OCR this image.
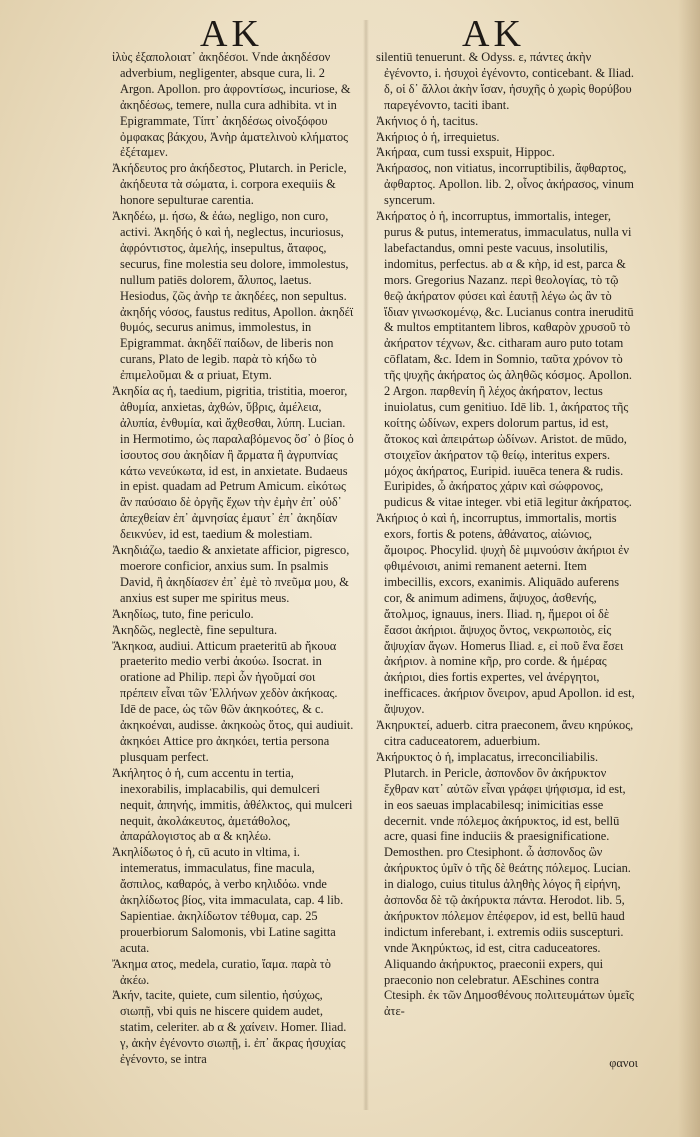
AK	AK
ἰλὺς ἐξαπολοιατ᾽ ἀκηδέσοι. Vnde ἀκηδέσον adverbium, negligenter, absque cura, li. 2 Argon. Apollon. pro ἀφροντίσως, incuriose, & ἀκηδέσως, temere, nulla cura adhibita. vt in Epigrammate, Τίπτ᾽ ἀκηδέσως οἰνοξόφου ὀμφακας βάκχου, Ἀνὴρ ἀματελινοὺ κλήματος ἐξέταμεν.
Ἀκήδευτος pro ἀκήδεστος, Plutarch. in Pericle, ἀκήδευτα τὰ σώματα, i. corpora exequiis & honore sepulturae carentia.
Ἀκηδέω, μ. ήσω, & ἐάω, negligo, non curo, activi. Ἀκηδής ὁ καὶ ἡ, neglectus, incuriosus, ἀφρόντιστος, ἀμελής, insepultus, ἄταφος, securus, fine molestia seu dolore, immolestus, nullum patiēs dolorem, ἄλυπος, laetus. Hesiodus, ζῶς ἀνὴρ τε ἀκηδέες, non sepultus. ἀκηδής νόσος, faustus reditus, Apollon. ἀκηδέϊ θυμός, securus animus, immolestus, in Epigrammat. ἀκηδέϊ παίδων, de liberis non curans, Plato de legib. παρὰ τὸ κήδω τὸ ἐπιμελοῦμαι & α priuat, Etym.
Ἀκηδία ας ἡ, taedium, pigritia, tristitia, moeror, ἀθυμία, anxietas, ἀχθών, ὕβρις, ἀμέλεια, ἀλυπία, ἐνθυμία, καὶ ἄχθεσθαι, λύπη. Lucian. in Hermotimo, ὡς παραλαβόμενος ὅσ᾽ ὁ βίος ὁ ἰσουτος σου ἀκηδίαν ἢ ἄρματα ἢ ἀγρυπνίας κάτω νενεύκωτα, id est, in anxietate. Budaeus in epist. quadam ad Petrum Amicum. εἰκότως ἂν παύσαιο δὲ ὀργῆς ἔχων τὴν ἐμὴν ἐπ᾽ οὐδ᾽ ἀπεχθείαν ἐπ᾽ ἀμνησίας ἐμαυτ᾽ ἐπ᾽ ἀκηδίαν δεικνύεν, id est, taedium & molestiam.
Ἀκηδιάζω, taedio & anxietate afficior, pigresco, moerore conficior, anxius sum. In psalmis David, ἢ ἀκηδίασεν ἐπ᾽ ἐμὲ τὸ πνεῦμα μου, & anxius est super me spiritus meus.
Ἀκηδίως, tuto, fine periculo.
Ἀκηδῶς, neglectè, fine sepultura.
Ἄκηκοα, audiui. Atticum praeteritū ab ἤκουα praeterito medio verbi ἀκούω. Isocrat. in oratione ad Philip. περὶ ὧν ἡγοῦμαί σοι πρέπειν εἶναι τῶν Ἑλλήνων χεδὸν ἀκήκοας. Idē de pace, ὡς τῶν θῶν ἀκηκοότες, & c. ἀκηκοέναι, audisse. ἀκηκοὼς ὅτος, qui audiuit. ἀκηκόει Attice pro ἀκηκόει, tertia persona plusquam perfect.
Ἀκήλητος ὁ ἡ, cum accentu in tertia, inexorabilis, implacabilis, qui demulceri nequit, ἀπηνής, immitis, ἀθέλκτος, qui mulceri nequit, ἀκολάκευτος, ἀμετάθολος, ἀπαράλογιστος ab α & κηλέω.
Ἀκηλίδωτος ὁ ἡ, cū acuto in vltima, i. intemeratus, immaculatus, fine macula, ἄσπιλος, καθαρός, à verbo κηλιδόω. vnde ἀκηλίδωτος βίος, vita immaculata, cap. 4 lib. Sapientiae. ἀκηλίδωτον τέθυμα, cap. 25 prouerbiorum Salomonis, vbi Latine sagitta acuta.
Ἄκημα ατος, medela, curatio, ἴαμα. παρὰ τὸ ἀκέω.
Ἀκήν, tacite, quiete, cum silentio, ἡσύχως, σιωπῇ, vbi quis ne hiscere quidem audet, statim, celeriter. ab α & χαίνειν. Homer. Iliad. γ, ἀκὴν ἐγένοντο σιωπῇ, i. ἐπ᾽ ἄκρας ἡσυχίας ἐγένοντο, se intra
silentiū tenuerunt. & Odyss. ε, πάντες ἀκὴν ἐγένοντο, i. ἡσυχοὶ ἐγένοντο, conticebant. & Iliad. δ, οἱ δ᾽ ἄλλοι ἀκὴν ἴσαν, ἡσυχῆς ὁ χωρὶς θορύβου παρεγένοντο, taciti ibant.
Ἀκήνιος ὁ ἡ, tacitus.
Ἀκήριος ὁ ἡ, irrequietus.
Ἀκήραα, cum tussi exspuit, Hippoc.
Ἀκήρασος, non vitiatus, incorruptibilis, ἄφθαρτος, ἀφθαρτος. Apollon. lib. 2, οἶνος ἀκήρασος, vinum syncerum.
Ἀκήρατος ὁ ἡ, incorruptus, immortalis, integer, purus & putus, intemeratus, immaculatus, nulla vi labefactandus, omni peste vacuus, insolutilis, indomitus, perfectus. ab α & κὴρ, id est, parca & mors. Gregorius Nazanz. περὶ θεολογίας, τὸ τῷ θεῷ ἀκήρατον φύσει καὶ ἑαυτῇ λέγω ὡς ἂν τὸ ἴδιαν γινωσκομένῳ, &c. Lucianus contra ineruditū & multos emptitantem libros, καθαρὸν χρυσοῦ τὸ ἀκήρατον τέχνων, &c. citharam auro puto totam cōflatam, &c. Idem in Somnio, ταῦτα χρόνον τὸ τῆς ψυχῆς ἀκήρατος ὡς ἀληθῶς κόσμος. Apollon. 2 Argon. παρθενίη ἢ λέχος ἀκήρατον, lectus inuiolatus, cum genitiuo. Idē lib. 1, ἀκήρατος τῆς κοίτης ὠδίνων, expers dolorum partus, id est, ἄτοκος καὶ ἀπειράτωρ ὠδίνων. Aristot. de mūdo, στοιχεῖον ἀκήρατον τῷ θείῳ, interitus expers. μόχος ἀκήρατος, Euripid. iuuēca tenera & rudis. Euripides, ὦ ἀκήρατος χάριν καὶ σώφρονος, pudicus & vitae integer. vbi etiā legitur ἀκήρατος.
Ἀκήριος ὁ καὶ ἡ, incorruptus, immortalis, mortis exors, fortis & potens, ἀθάνατος, αἰώνιος, ἄμοιρος. Phocylid. ψυχὴ δὲ μιμνούσιν ἀκήριοι ἐν φθιμένοισι, animi remanent aeterni. Item imbecillis, excors, exanimis. Aliquādo auferens cor, & animum adimens, ἄψυχος, ἀσθενής, ἄτολμος, ignauus, iners. Iliad. η, ἥμεροι οἱ δὲ ἔασοι ἀκήριοι. ἄψυχος ὄντος, νεκρωποιὸς, εἰς ἄψυχίαν ἄγων. Homerus Iliad. ε, εἰ ποῦ ἕνα ἔσει ἀκήριον. à nomine κῆρ, pro corde. & ἡμέρας ἀκήριοι, dies fortis expertes, vel ἀνέργητοι, inefficaces. ἀκήριον ὄνειρον, apud Apollon. id est, ἄψυχον.
Ἀκηρυκτεί, aduerb. citra praeconem, ἄνευ κηρύκος, citra caduceatorem, aduerbium.
Ἀκήρυκτος ὁ ἡ, implacatus, irreconciliabilis. Plutarch. in Pericle, ἀσπονδον ὂν ἀκήρυκτον ἔχθραν κατ᾽ αὐτῶν εἶναι γράφει ψήφισμα, id est, in eos saeuas implacabilesq; inimicitias esse decernit. vnde πόλεμος ἀκήρυκτος, id est, bellū acre, quasi fine induciis & praesignificatione. Demosthen. pro Ctesiphont. ὦ ἀσπονδος ὢν ἀκήρυκτος ὑμῖν ὁ τῆς δὲ θεάτης πόλεμος. Lucian. in dialogo, cuius titulus ἀληθὴς λόγος ἢ εἰρήνη, ἀσπονδα δὲ τῷ ἀκήρυκτα πάντα. Herodot. lib. 5, ἀκήρυκτον πόλεμον ἐπέφερον, id est, bellū haud indictum inferebant, i. extremis odiis suscepturi. vnde Ἀκηρύκτως, id est, citra caduceatores. Aliquando ἀκήρυκτος, praeconii expers, qui praeconio non celebratur. AEschines contra Ctesiph. ἐκ τῶν Δημοσθένους πολιτευμάτων ὑμεῖς ἀτε-
φανοι
